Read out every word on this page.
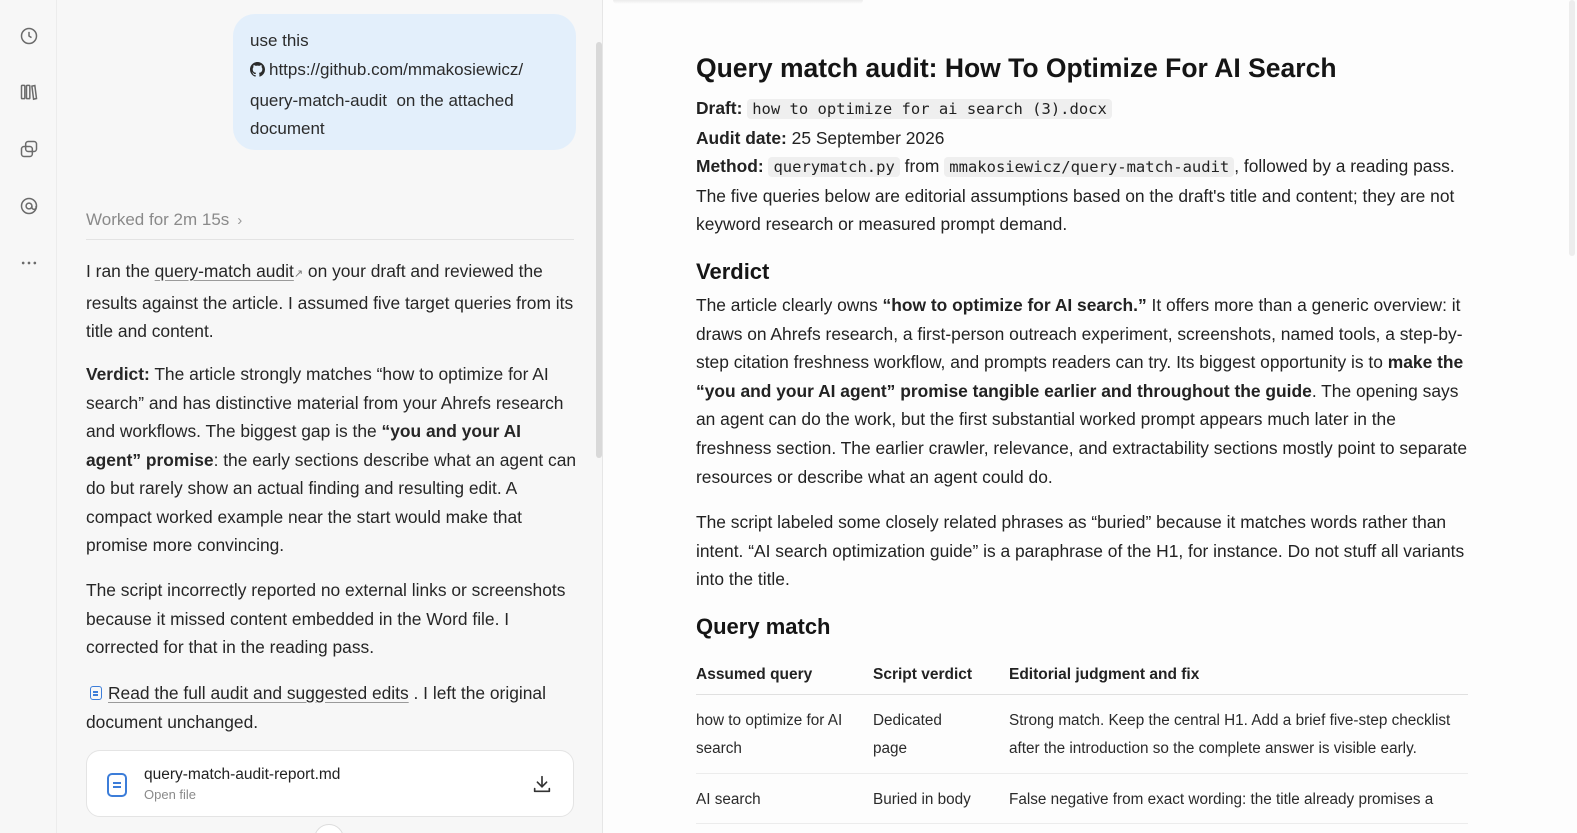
use this
https://github.com/mmakosiewicz/
query-match-audit on the attached
document
Worked for 2m 15s ›
I ran the query-match audit↗ on your draft and reviewed the results against the article. I assumed five target queries from its title and content.
Verdict: The article strongly matches “how to optimize for AI search” and has distinctive material from your Ahrefs research and workflows. The biggest gap is the “you and your AI agent” promise: the early sections describe what an agent can do but rarely show an actual finding and resulting edit. A compact worked example near the start would make that promise more convincing.
The script incorrectly reported no external links or screenshots because it missed content embedded in the Word file. I corrected for that in the reading pass.
Read the full audit and suggested edits . I left the original document unchanged.
query-match-audit-report.md
Open file
Query match audit: How To Optimize For AI Search

Draft: how to optimize for ai search (3).docx

Audit date: 25 September 2026

Method: querymatch.py from mmakosiewicz/query-match-audit , followed by a reading pass. The five queries below are editorial assumptions based on the draft's title and content; they are not keyword research or measured prompt demand.

Verdict

The article clearly owns “how to optimize for AI search.” It offers more than a generic overview: it draws on Ahrefs research, a first-person outreach experiment, screenshots, named tools, a step-by-step citation freshness workflow, and prompts readers can try. Its biggest opportunity is to make the “you and your AI agent” promise tangible earlier and throughout the guide. The opening says an agent can do the work, but the first substantial worked prompt appears much later in the freshness section. The earlier crawler, relevance, and extractability sections mostly point to separate resources or describe what an agent could do.

The script labeled some closely related phrases as “buried” because it matches words rather than intent. “AI search optimization guide” is a paraphrase of the H1, for instance. Do not stuff all variants into the title.

Query match
Assumed query	Script verdict	Editorial judgment and fix
how to optimize for AI search	Dedicated page	Strong match. Keep the central H1. Add a brief five-step checklist after the introduction so the complete answer is visible early.
AI search	Buried in body	False negative from exact wording: the title already promises a
